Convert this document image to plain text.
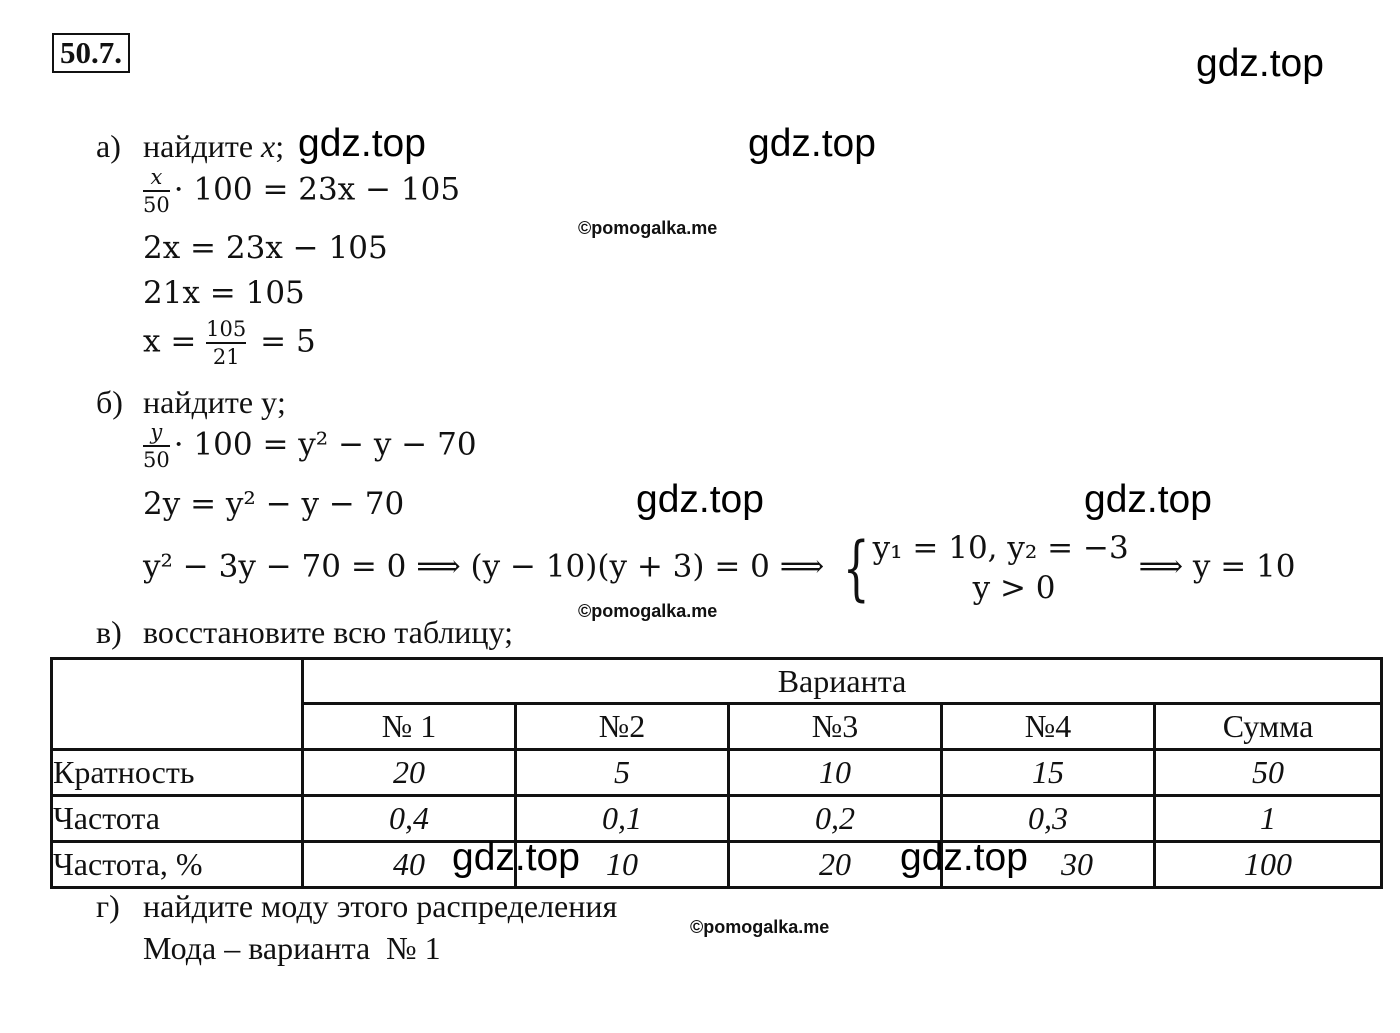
50.7.	gdz.top
gdz.top	gdz.top
gdz.top	gdz.top
©pomogalka.me
©pomogalka.me
©pomogalka.me
а) найдите x;
$\frac{x}{50} \cdot 100 = 23x - 105$
2x = 23x − 105
21x = 105
$x = \frac{105}{21} = 5$
б) найдите y;
$\frac{y}{50} \cdot 100 = y^2 - y - 70$
2y = y² − y − 70
y² − 3y − 70 = 0 ⟹ (y − 10)(y + 3) = 0 ⟹ { y₁ = 10, y₂ = −3
y > 0
⟹ y = 10
в) восстановите всю таблицу;
	Варианта				
	№ 1	№2	№3	№4	Сумма
Кратность	20	5	10	15	50
Частота	0,4	0,1	0,2	0,3	1
Частота, %	40	10	20	30	100
gdz.top	gdz.top
г) найдите моду этого распределения
Мода – варианта  № 1
